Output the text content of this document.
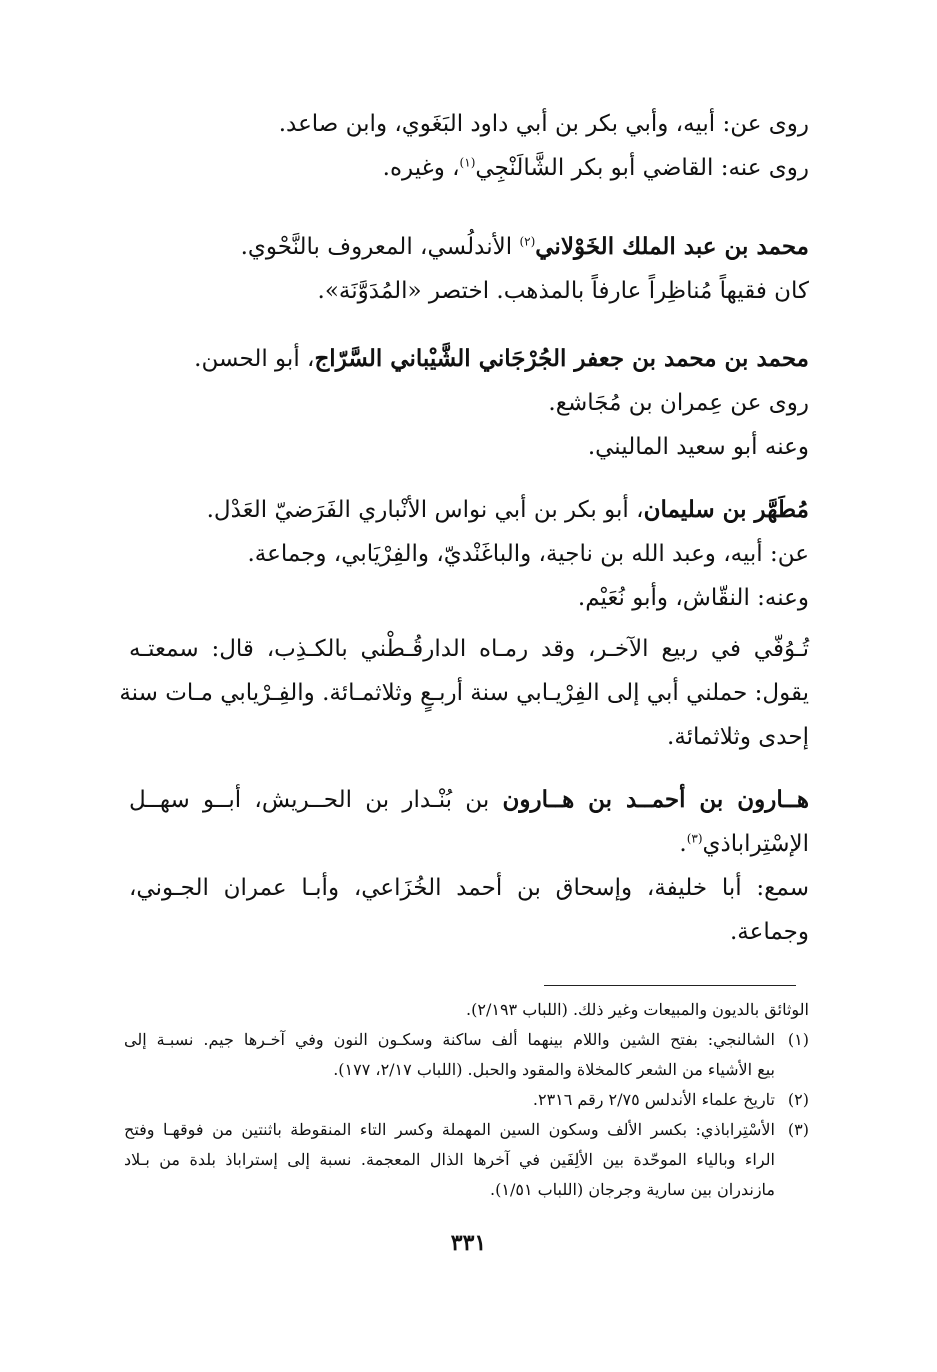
روى عن: أبيه، وأبي بكر بن أبي داود البَغَوي، وابن صاعد.
روى عنه: القاضي أبو بكر الشَّالَنْجِي$^{(١)}$، وغيره.
محمد بن عبد الملك الخَوْلاني$^{(٢)}$ الأندلُسي، المعروف بالنَّحْوي.
كان فقيهاً مُناظِراً عارفاً بالمذهب. اختصر «المُدَوَّنَة».
محمد بن محمد بن جعفر الجُرْجَاني الشَّيْباني السَّرّاج، أبو الحسن.
روى عن عِمران بن مُجَاشع.
وعنه أبو سعيد الماليني.
مُطَهَّر بن سليمان، أبو بكر بن أبي نواس الأنْباري الفَرَضيّ العَدْل.
عن: أبيه، وعبد الله بن ناجية، والباغَنْديّ، والفِرْيَابي، وجماعة.
وعنه: النقّاش، وأبو نُعَيْم.
تُـوُفّي في ربيع الآخـر، وقد رمـاه الدارقُـطْني بالكـذِب، قال: سمعتـه
يقول: حملني أبي إلى الفِرْيـابي سنة أربـعٍ وثلاثمـائة. والفِـرْيابي مـات سنة
إحدى وثلاثمائة.
هــارون بن أحمــد بن هــارون بن بُنْـدار بن الحــريش، أبــو سهــل
الإسْتِراباذي$^{(٣)}$.
سمع: أبا خليفة، وإسحاق بن أحمد الخُزَاعي، وأبـا عمران الجـوني،
وجماعة.
الوثائق بالديون والمبيعات وغير ذلك. (اللباب ٢/١٩٣).
(١)الشالنجي: بفتح الشين واللام بينهما ألف ساكنة وسكـون النون وفي آخـرها جيم. نسبـة إلى
بيع الأشياء من الشعر كالمخلاة والمقود والحبل. (اللباب ٢/١٧، ١٧٧).
(٢)تاريخ علماء الأندلس ٢/٧٥ رقم ٢٣١٦.
(٣)الأسْتِراباذي: بكسر الألف وسكون السين المهملة وكسر التاء المنقوطة باثنتين من فوقهـا وفتح
الراء وبالياء الموحّدة بين الألِفَين في آخرها الذال المعجمة. نسبة إلى إستراباذ بلدة من بـلاد
مازندران بين سارية وجرجان (اللباب ١/٥١).
٣٣١
